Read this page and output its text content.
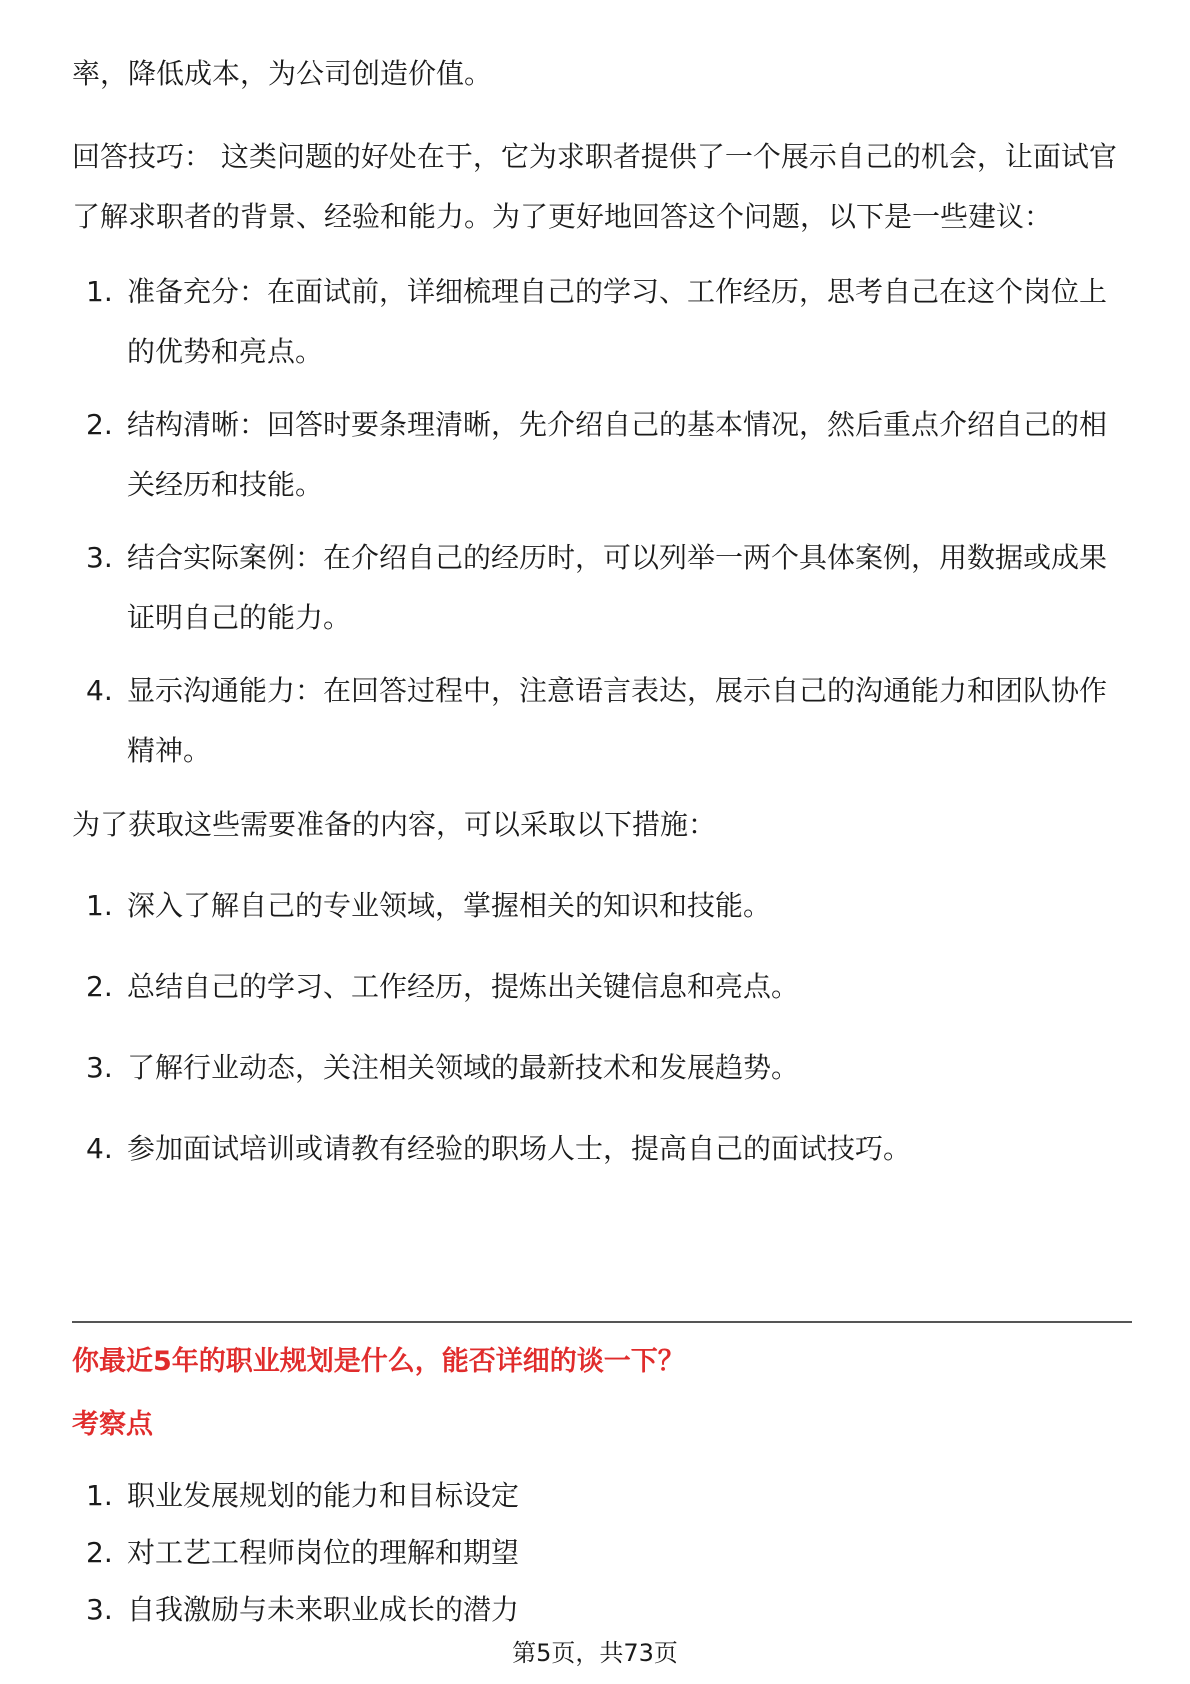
率，降低成本，为公司创造价值。

回答技巧： 这类问题的好处在于，它为求职者提供了一个展示自己的机会，让面试官了解求职者的背景、经验和能力。为了更好地回答这个问题，以下是一些建议：

1. 准备充分：在面试前，详细梳理自己的学习、工作经历，思考自己在这个岗位上的优势和亮点。
2. 结构清晰：回答时要条理清晰，先介绍自己的基本情况，然后重点介绍自己的相关经历和技能。
3. 结合实际案例：在介绍自己的经历时，可以列举一两个具体案例，用数据或成果证明自己的能力。
4. 显示沟通能力：在回答过程中，注意语言表达，展示自己的沟通能力和团队协作精神。

为了获取这些需要准备的内容，可以采取以下措施：

1. 深入了解自己的专业领域，掌握相关的知识和技能。
2. 总结自己的学习、工作经历，提炼出关键信息和亮点。
3. 了解行业动态，关注相关领域的最新技术和发展趋势。
4. 参加面试培训或请教有经验的职场人士，提高自己的面试技巧。
你最近5年的职业规划是什么，能否详细的谈一下？
考察点
1. 职业发展规划的能力和目标设定
2. 对工艺工程师岗位的理解和期望
3. 自我激励与未来职业成长的潜力
第5页，共73页
